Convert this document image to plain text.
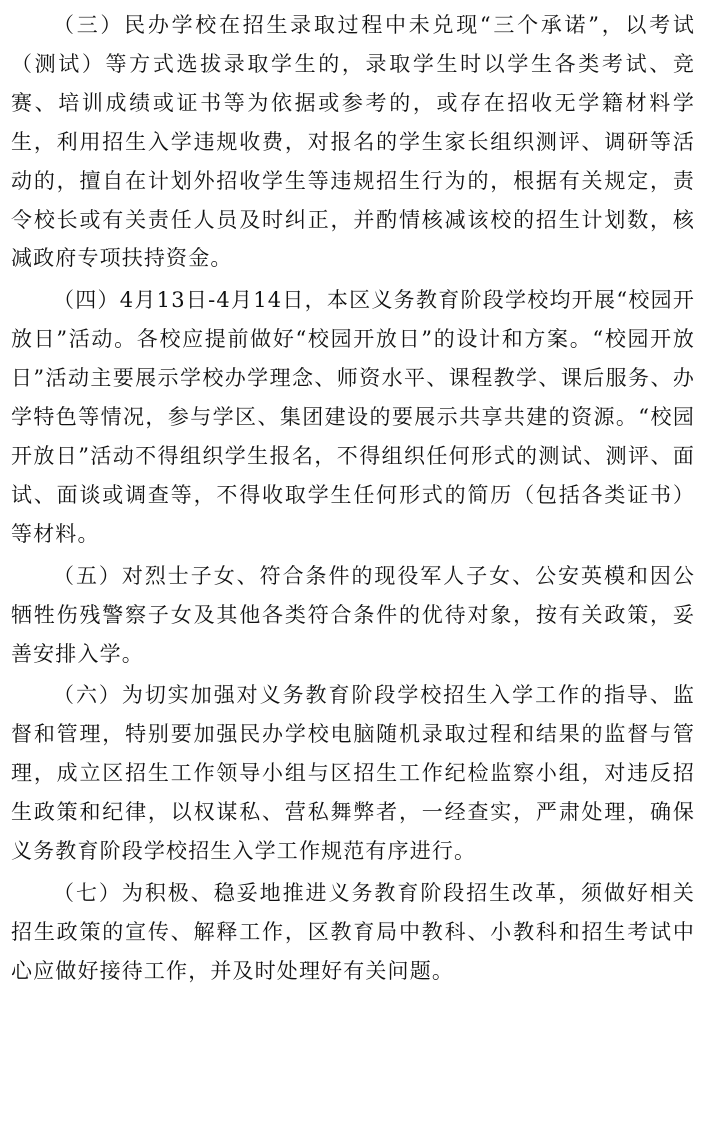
（三）民办学校在招生录取过程中未兑现“三个承诺”，以考试（测试）等方式选拔录取学生的，录取学生时以学生各类考试、竞赛、培训成绩或证书等为依据或参考的，或存在招收无学籍材料学生，利用招生入学违规收费，对报名的学生家长组织测评、调研等活动的，擅自在计划外招收学生等违规招生行为的，根据有关规定，责令校长或有关责任人员及时纠正，并酌情核减该校的招生计划数，核减政府专项扶持资金。

（四）4月13日-4月14日，本区义务教育阶段学校均开展“校园开放日”活动。各校应提前做好“校园开放日”的设计和方案。“校园开放日”活动主要展示学校办学理念、师资水平、课程教学、课后服务、办学特色等情况，参与学区、集团建设的要展示共享共建的资源。“校园开放日”活动不得组织学生报名，不得组织任何形式的测试、测评、面试、面谈或调查等，不得收取学生任何形式的简历（包括各类证书）等材料。

（五）对烈士子女、符合条件的现役军人子女、公安英模和因公牺牲伤残警察子女及其他各类符合条件的优待对象，按有关政策，妥善安排入学。

（六）为切实加强对义务教育阶段学校招生入学工作的指导、监督和管理，特别要加强民办学校电脑随机录取过程和结果的监督与管理，成立区招生工作领导小组与区招生工作纪检监察小组，对违反招生政策和纪律，以权谋私、营私舞弊者，一经查实，严肃处理，确保义务教育阶段学校招生入学工作规范有序进行。

（七）为积极、稳妥地推进义务教育阶段招生改革，须做好相关招生政策的宣传、解释工作，区教育局中教科、小教科和招生考试中心应做好接待工作，并及时处理好有关问题。
